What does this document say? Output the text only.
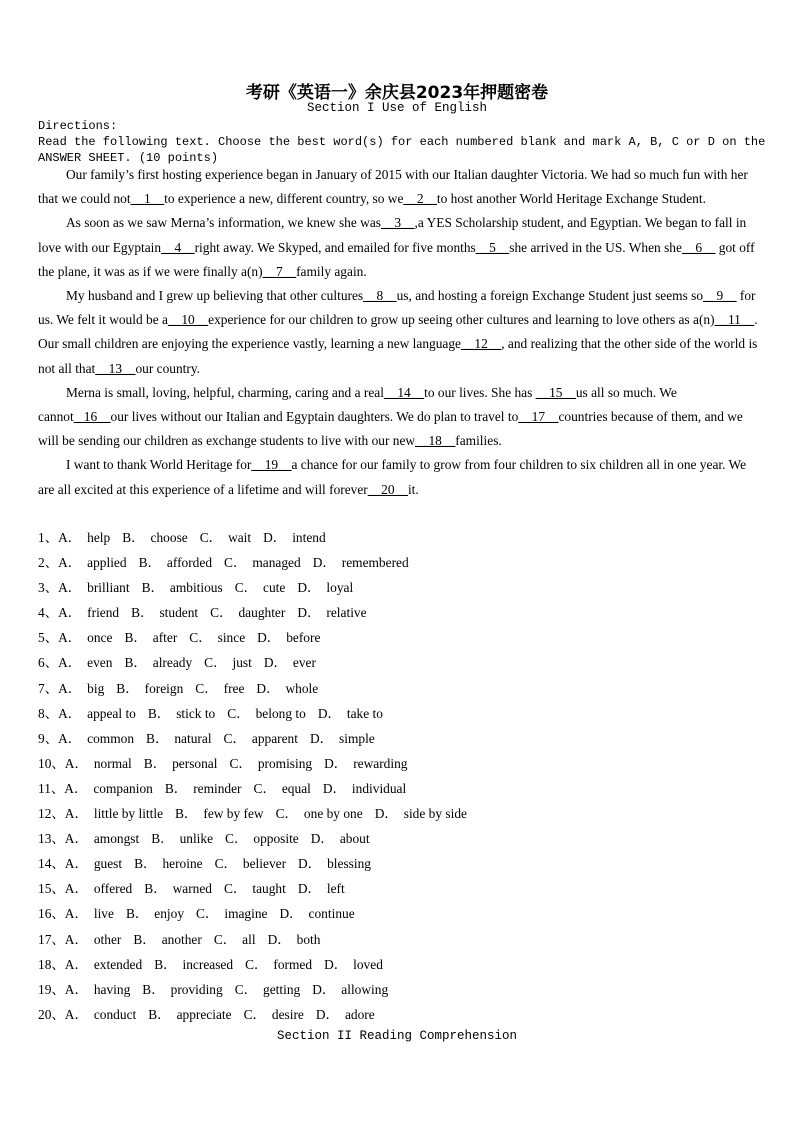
考研《英语一》余庆县2023年押题密卷
Section I Use of English
Directions:
Read the following text. Choose the best word(s) for each numbered blank and mark A, B, C or D on the
ANSWER SHEET. (10 points)

Our family’s first hosting experience began in January of 2015 with our Italian daughter Victoria. We had so much fun with her that we could not__1__to experience a new, different country, so we__2__to host another World Heritage Exchange Student.

As soon as we saw Merna’s information, we knew she was__3__,a YES Scholarship student, and Egyptian. We began to fall in love with our Egyptain__4__right away. We Skyped, and emailed for five months__5__she arrived in the US. When she__6__ got off the plane, it was as if we were finally a(n)__7__family again.

My husband and I grew up believing that other cultures__8__us, and hosting a foreign Exchange Student just seems so__9__ for us. We felt it would be a__10__experience for our children to grow up seeing other cultures and learning to love others as a(n)__11__. Our small children are enjoying the experience vastly, learning a new language__12__, and realizing that the other side of the world is not all that__13__our country.

Merna is small, loving, helpful, charming, caring and a real__14__to our lives. She has __15__us all so much. We cannot_ 16__our lives without our Italian and Egyptain daughters. We do plan to travel to__17__countries because of them, and we will be sending our children as exchange students to live with our new__18__families.

I want to thank World Heritage for__19__a chance for our family to grow from four children to six children all in one year. We are all excited at this experience of a lifetime and will forever__20__it.

1、A． help B． choose C． wait D． intend
2、A． applied B． afforded C． managed D． remembered
3、A． brilliant B． ambitious C． cute D． loyal
4、A． friend B． student C． daughter D． relative
5、A． once B． after C． since D． before
6、A． even B． already C． just D． ever
7、A． big B． foreign C． free D． whole
8、A． appeal to B． stick to C． belong to D． take to
9、A． common B． natural C． apparent D． simple
10、A． normal B． personal C． promising D． rewarding
11、A． companion B． reminder C． equal D． individual
12、A． little by little B． few by few C． one by one D． side by side
13、A． amongst B． unlike C． opposite D． about
14、A． guest B． heroine C． believer D． blessing
15、A． offered B． warned C． taught D． left
16、A． live B． enjoy C． imagine D． continue
17、A． other B． another C． all D． both
18、A． extended B． increased C． formed D． loved
19、A． having B． providing C． getting D． allowing
20、A． conduct B． appreciate C． desire D． adore
Section II Reading Comprehension
